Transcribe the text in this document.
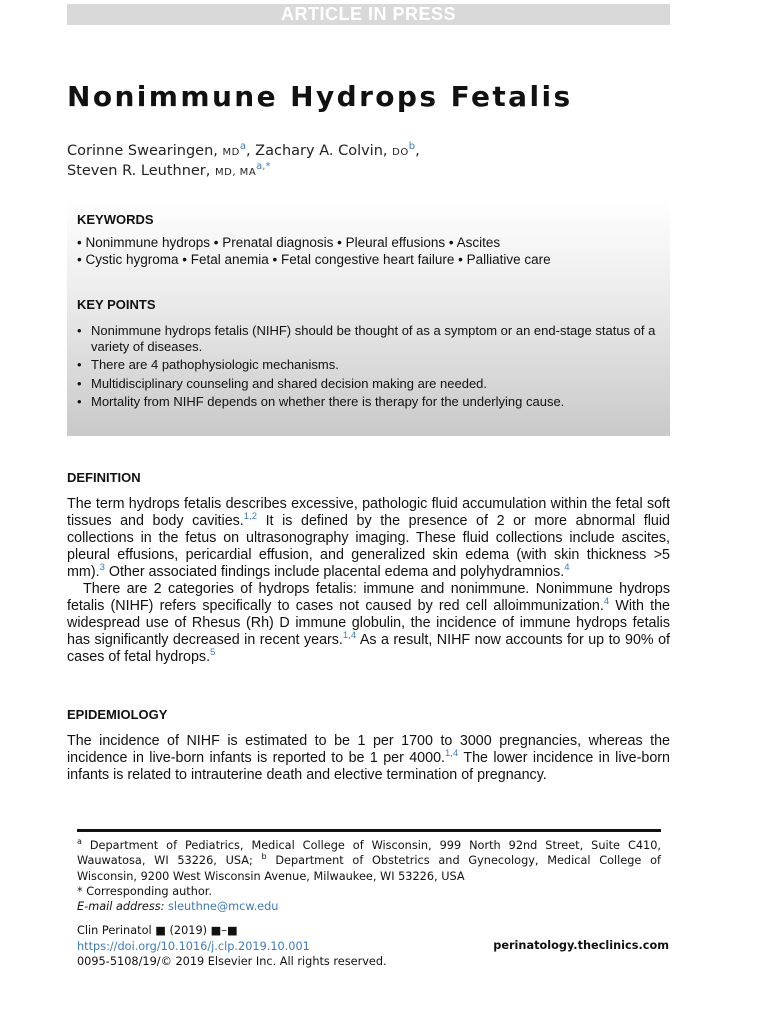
ARTICLE IN PRESS
Nonimmune Hydrops Fetalis
Corinne Swearingen, MD$^a$, Zachary A. Colvin, DO$^b$,
Steven R. Leuthner, MD, MA$^{a,*}$
KEYWORDS
• Nonimmune hydrops • Prenatal diagnosis • Pleural effusions • Ascites
• Cystic hygroma • Fetal anemia • Fetal congestive heart failure • Palliative care
KEY POINTS
• Nonimmune hydrops fetalis (NIHF) should be thought of as a symptom or an end-stage status of a variety of diseases.
• There are 4 pathophysiologic mechanisms.
• Multidisciplinary counseling and shared decision making are needed.
• Mortality from NIHF depends on whether there is therapy for the underlying cause.
DEFINITION

The term hydrops fetalis describes excessive, pathologic fluid accumulation within the fetal soft tissues and body cavities.$^{1,2}$ It is defined by the presence of 2 or more abnormal fluid collections in the fetus on ultrasonography imaging. These fluid collections include ascites, pleural effusions, pericardial effusion, and generalized skin edema (with skin thickness >5 mm).$^3$ Other associated findings include placental edema and polyhydramnios.$^4$

There are 2 categories of hydrops fetalis: immune and nonimmune. Nonimmune hydrops fetalis (NIHF) refers specifically to cases not caused by red cell alloimmunization.$^4$ With the widespread use of Rhesus (Rh) D immune globulin, the incidence of immune hydrops fetalis has significantly decreased in recent years.$^{1,4}$ As a result, NIHF now accounts for up to 90% of cases of fetal hydrops.$^5$

EPIDEMIOLOGY
The incidence of NIHF is estimated to be 1 per 1700 to 3000 pregnancies, whereas the incidence in live-born infants is reported to be 1 per 4000.$^{1,4}$ The lower incidence in live-born infants is related to intrauterine death and elective termination of pregnancy.
$^a$ Department of Pediatrics, Medical College of Wisconsin, 999 North 92nd Street, Suite C410, Wauwatosa, WI 53226, USA; $^b$ Department of Obstetrics and Gynecology, Medical College of Wisconsin, 9200 West Wisconsin Avenue, Milwaukee, WI 53226, USA
* Corresponding author.
E-mail address: sleuthne@mcw.edu
Clin Perinatol ■ (2019) ■–■
https://doi.org/10.1016/j.clp.2019.10.001
0095-5108/19/© 2019 Elsevier Inc. All rights reserved.
perinatology.theclinics.com
